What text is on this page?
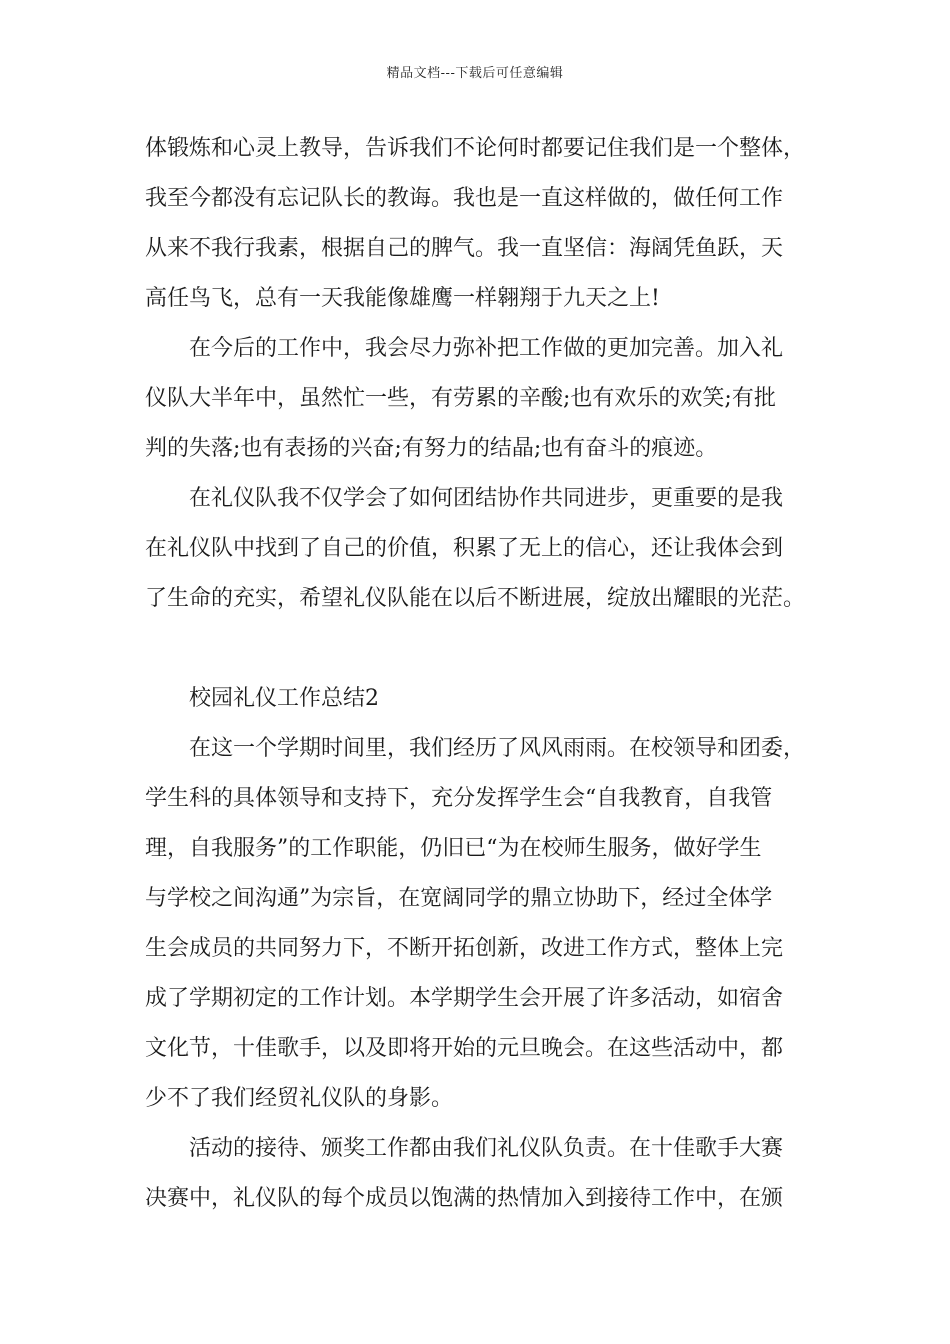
精品文档---下载后可任意编辑
体锻炼和心灵上教导，告诉我们不论何时都要记住我们是一个整体，
我至今都没有忘记队长的教诲。我也是一直这样做的，做任何工作
从来不我行我素，根据自己的脾气。我一直坚信：海阔凭鱼跃，天
高任鸟飞，总有一天我能像雄鹰一样翱翔于九天之上!
在今后的工作中，我会尽力弥补把工作做的更加完善。加入礼
仪队大半年中，虽然忙一些，有劳累的辛酸;也有欢乐的欢笑;有批
判的失落;也有表扬的兴奋;有努力的结晶;也有奋斗的痕迹。
在礼仪队我不仅学会了如何团结协作共同进步，更重要的是我
在礼仪队中找到了自己的价值，积累了无上的信心，还让我体会到
了生命的充实，希望礼仪队能在以后不断进展，绽放出耀眼的光茫。
校园礼仪工作总结2
在这一个学期时间里，我们经历了风风雨雨。在校领导和团委，
学生科的具体领导和支持下，充分发挥学生会“自我教育，自我管
理，自我服务”的工作职能，仍旧已“为在校师生服务，做好学生
与学校之间沟通”为宗旨，在宽阔同学的鼎立协助下，经过全体学
生会成员的共同努力下，不断开拓创新，改进工作方式，整体上完
成了学期初定的工作计划。本学期学生会开展了许多活动，如宿舍
文化节，十佳歌手，以及即将开始的元旦晚会。在这些活动中，都
少不了我们经贸礼仪队的身影。
活动的接待、颁奖工作都由我们礼仪队负责。在十佳歌手大赛
决赛中，礼仪队的每个成员以饱满的热情加入到接待工作中，在颁
